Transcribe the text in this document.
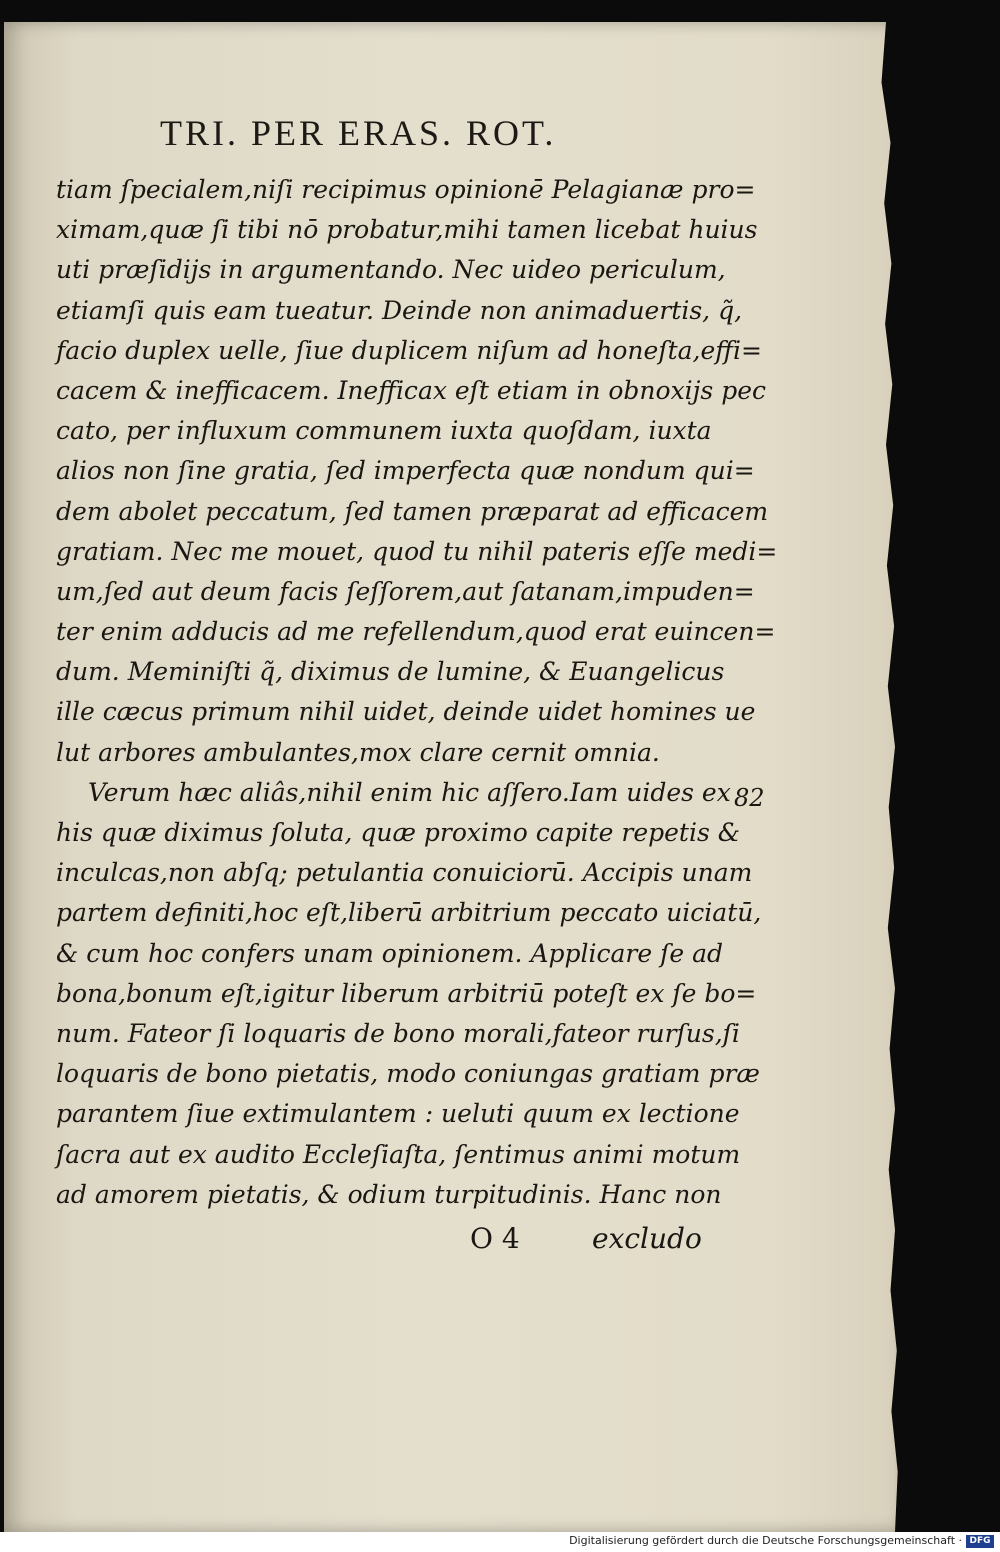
TRI. PER ERAS. ROT.
tiam ſpecialem,niſi recipimus opinionē Pelagianæ pro=
ximam,quæ ſi tibi nō probatur,mihi tamen licebat huius
uti præſidijs in argumentando. Nec uideo periculum,
etiamſi quis eam tueatur. Deinde non animaduertis, q̃,
facio duplex uelle, ſiue duplicem niſum ad honeſta,effi=
cacem & inefficacem. Inefficax eſt etiam in obnoxijs pec
cato, per influxum communem iuxta quoſdam, iuxta
alios non ſine gratia, ſed imperfecta quæ nondum qui=
dem abolet peccatum, ſed tamen præparat ad efficacem
gratiam. Nec me mouet, quod tu nihil pateris eſſe medi=
um,ſed aut deum facis ſeſſorem,aut ſatanam,impuden=
ter enim adducis ad me refellendum,quod erat euincen=
dum. Meminiſti q̃, diximus de lumine, & Euangelicus
ille cæcus primum nihil uidet, deinde uidet homines ue
lut arbores ambulantes,mox clare cernit omnia.
Verum hæc aliâs,nihil enim hic aſſero.Iam uides ex
his quæ diximus ſoluta, quæ proximo capite repetis &
inculcas,non abſq; petulantia conuiciorū. Accipis unam
partem definiti,hoc eſt,liberū arbitrium peccato uiciatū,
& cum hoc confers unam opinionem. Applicare ſe ad
bona,bonum eſt,igitur liberum arbitriū poteſt ex ſe bo=
num. Fateor ſi loquaris de bono morali,fateor rurſus,ſi
loquaris de bono pietatis, modo coniungas gratiam præ
parantem ſiue extimulantem : ueluti quum ex lectione
ſacra aut ex audito Eccleſiaſta, ſentimus animi motum
ad amorem pietatis, & odium turpitudinis. Hanc non
82
O 4	excludo
Digitalisierung gefördert durch die Deutsche Forschungsgemeinschaft · DFG
